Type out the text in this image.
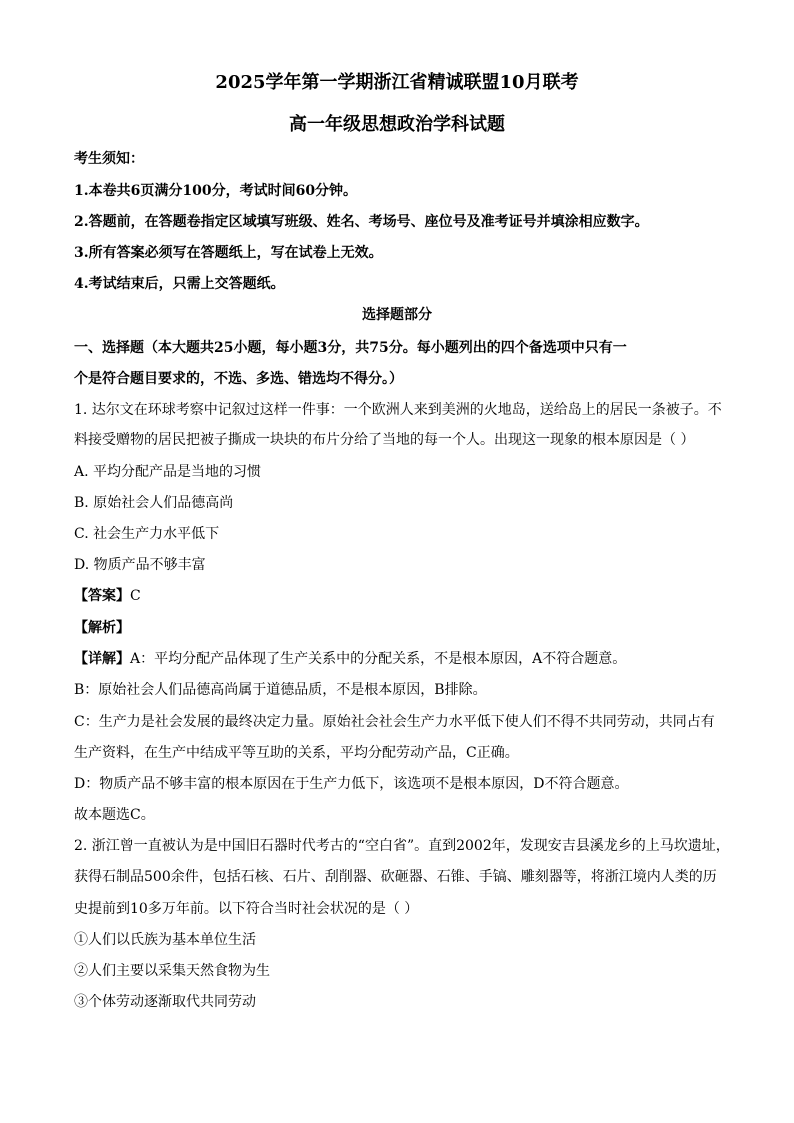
2025学年第一学期浙江省精诚联盟10月联考
高一年级思想政治学科试题
考生须知：
1.本卷共6页满分100分，考试时间60分钟。
2.答题前，在答题卷指定区域填写班级、姓名、考场号、座位号及准考证号并填涂相应数字。
3.所有答案必须写在答题纸上，写在试卷上无效。
4.考试结束后，只需上交答题纸。
选择题部分
一、选择题（本大题共25小题，每小题3分，共75分。每小题列出的四个备选项中只有一
个是符合题目要求的，不选、多选、错选均不得分。）
1. 达尔文在环球考察中记叙过这样一件事：一个欧洲人来到美洲的火地岛，送给岛上的居民一条被子。不
料接受赠物的居民把被子撕成一块块的布片分给了当地的每一个人。出现这一现象的根本原因是（ ）
A. 平均分配产品是当地的习惯
B. 原始社会人们品德高尚
C. 社会生产力水平低下
D. 物质产品不够丰富
【答案】C
【解析】
【详解】A：平均分配产品体现了生产关系中的分配关系，不是根本原因，A不符合题意。
B：原始社会人们品德高尚属于道德品质，不是根本原因，B排除。
C：生产力是社会发展的最终决定力量。原始社会社会生产力水平低下使人们不得不共同劳动，共同占有
生产资料，在生产中结成平等互助的关系，平均分配劳动产品，C正确。
D：物质产品不够丰富的根本原因在于生产力低下，该选项不是根本原因，D不符合题意。
故本题选C。
2. 浙江曾一直被认为是中国旧石器时代考古的“空白省”。直到2002年，发现安吉县溪龙乡的上马坎遗址，
获得石制品500余件，包括石核、石片、刮削器、砍砸器、石锥、手镐、雕刻器等，将浙江境内人类的历
史提前到10多万年前。以下符合当时社会状况的是（ ）
①人们以氏族为基本单位生活
②人们主要以采集天然食物为生
③个体劳动逐渐取代共同劳动
